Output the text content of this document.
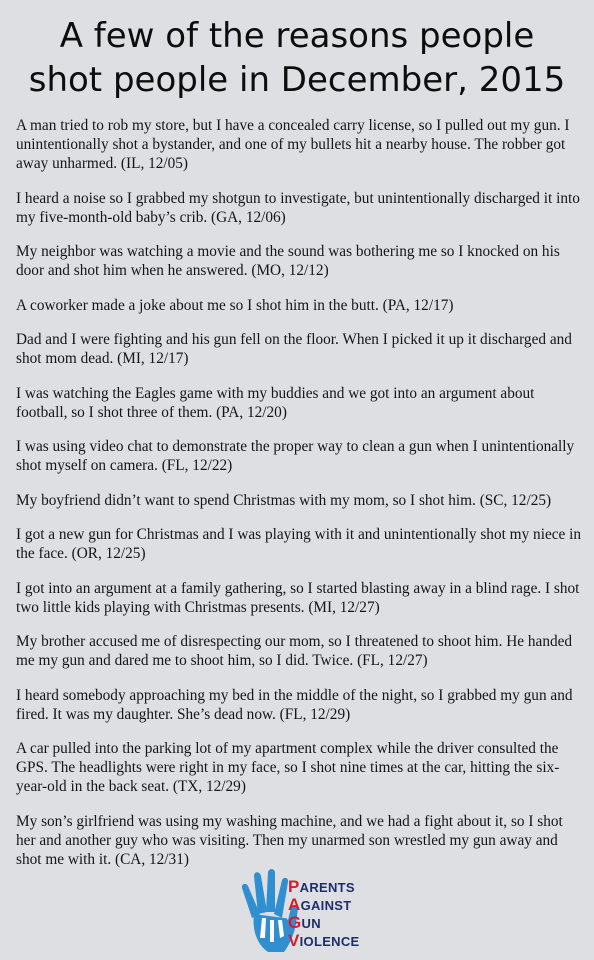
A few of the reasons people
shot people in December, 2015

A man tried to rob my store, but I have a concealed carry license, so I pulled out my gun. I unintentionally shot a bystander, and one of my bullets hit a nearby house. The robber got away unharmed. (IL, 12/05)

I heard a noise so I grabbed my shotgun to investigate, but unintentionally discharged it into my five-month-old baby’s crib. (GA, 12/06)

My neighbor was watching a movie and the sound was bothering me so I knocked on his door and shot him when he answered. (MO, 12/12)

A coworker made a joke about me so I shot him in the butt. (PA, 12/17)

Dad and I were fighting and his gun fell on the floor. When I picked it up it discharged and shot mom dead. (MI, 12/17)

I was watching the Eagles game with my buddies and we got into an argument about football, so I shot three of them. (PA, 12/20)

I was using video chat to demonstrate the proper way to clean a gun when I unintentionally shot myself on camera. (FL, 12/22)

My boyfriend didn’t want to spend Christmas with my mom, so I shot him. (SC, 12/25)

I got a new gun for Christmas and I was playing with it and unintentionally shot my niece in the face. (OR, 12/25)

I got into an argument at a family gathering, so I started blasting away in a blind rage. I shot two little kids playing with Christmas presents. (MI, 12/27)

My brother accused me of disrespecting our mom, so I threatened to shoot him. He handed me my gun and dared me to shoot him, so I did. Twice. (FL, 12/27)

I heard somebody approaching my bed in the middle of the night, so I grabbed my gun and fired. It was my daughter. She’s dead now. (FL, 12/29)

A car pulled into the parking lot of my apartment complex while the driver consulted the GPS. The headlights were right in my face, so I shot nine times at the car, hitting the six-year-old in the back seat. (TX, 12/29)

My son’s girlfriend was using my washing machine, and we had a fight about it, so I shot her and another guy who was visiting. Then my unarmed son wrestled my gun away and shot me with it. (CA, 12/31)

PARENTS
AGAINST
GUN
VIOLENCE
